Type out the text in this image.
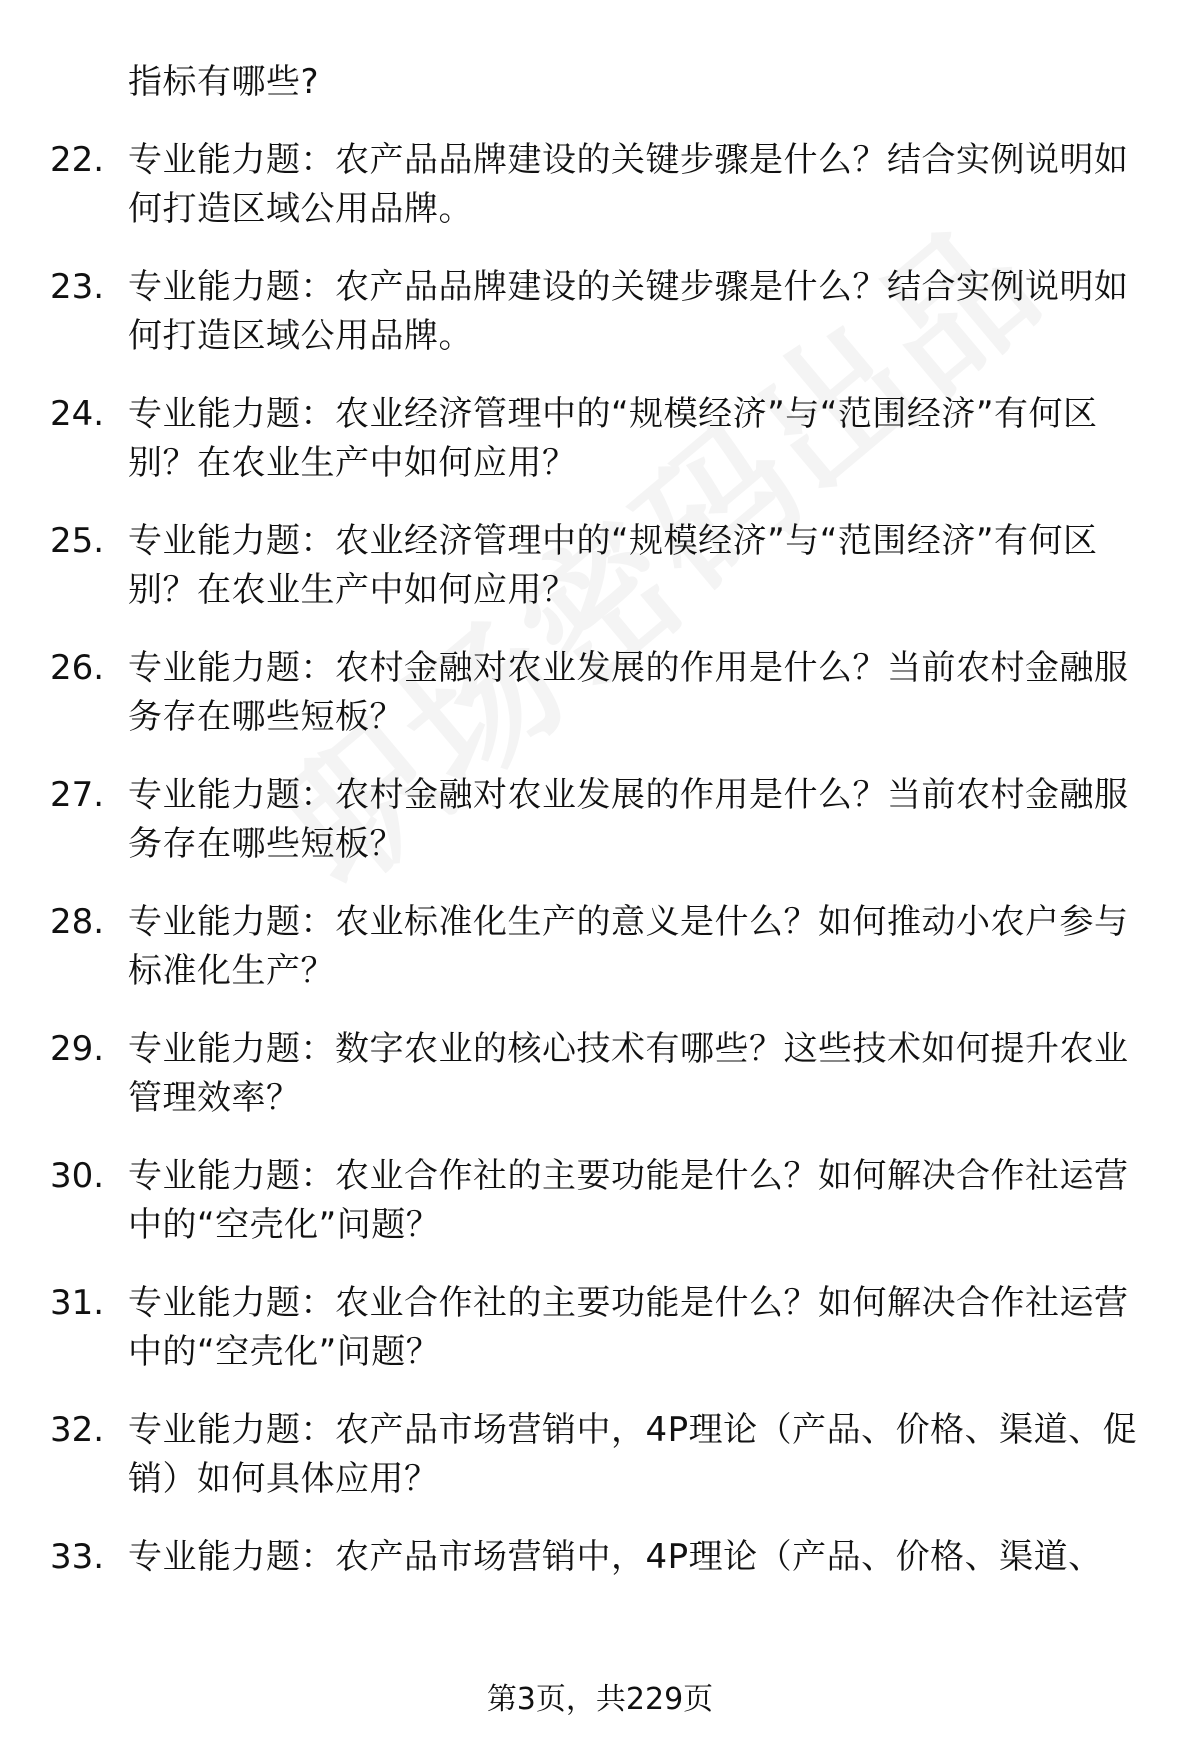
指标有哪些?
22. 专业能力题：农产品品牌建设的关键步骤是什么？结合实例说明如何打造区域公用品牌。
23. 专业能力题：农产品品牌建设的关键步骤是什么？结合实例说明如何打造区域公用品牌。
24. 专业能力题：农业经济管理中的“规模经济”与“范围经济”有何区别？在农业生产中如何应用？
25. 专业能力题：农业经济管理中的“规模经济”与“范围经济”有何区别？在农业生产中如何应用？
26. 专业能力题：农村金融对农业发展的作用是什么？当前农村金融服务存在哪些短板？
27. 专业能力题：农村金融对农业发展的作用是什么？当前农村金融服务存在哪些短板？
28. 专业能力题：农业标准化生产的意义是什么？如何推动小农户参与标准化生产？
29. 专业能力题：数字农业的核心技术有哪些？这些技术如何提升农业管理效率？
30. 专业能力题：农业合作社的主要功能是什么？如何解决合作社运营中的“空壳化”问题？
31. 专业能力题：农业合作社的主要功能是什么？如何解决合作社运营中的“空壳化”问题？
32. 专业能力题：农产品市场营销中，4P理论（产品、价格、渠道、促销）如何具体应用？
33. 专业能力题：农产品市场营销中，4P理论（产品、价格、渠道、
第3页，共229页
